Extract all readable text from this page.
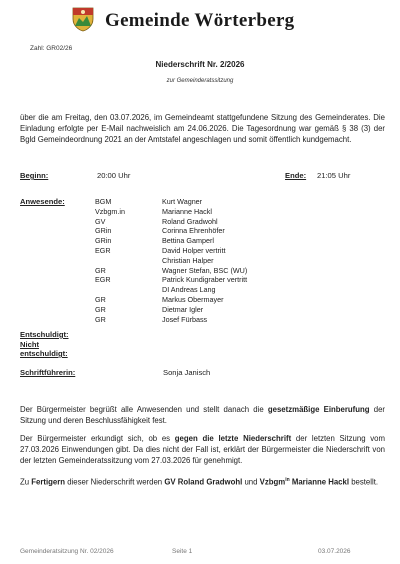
Gemeinde Wörterberg
Zahl: GR02/26
Niederschrift Nr. 2/2026
zur Gemeinderatssitzung
über die am Freitag, den 03.07.2026, im Gemeindeamt stattgefundene Sitzung des Gemeinderates. Die Einladung erfolgte per E-Mail nachweislich am 24.06.2026. Die Tagesordnung war gemäß § 38 (3) der Bgld Gemeindeordnung 2021 an der Amtstafel angeschlagen und somit öffentlich kundgemacht.
Beginn:	20:00 Uhr	Ende: 21:05 Uhr
Anwesende:	BGM	Kurt Wagner
Vzbgm.in	Marianne Hackl
GV	Roland Gradwohl
GRin	Corinna Ehrenhöfer
GRin	Bettina Gamperl
EGR	David Holper vertritt
Christian Halper
GR	Wagner Stefan, BSC (WU)
EGR	Patrick Kundigraber vertritt
DI Andreas Lang
GR	Markus Obermayer
GR	Dietmar Igler
GR	Josef Fürbass
Entschuldigt:
Nicht
entschuldigt:
Schriftführerin:	Sonja Janisch
Der Bürgermeister begrüßt alle Anwesenden und stellt danach die gesetzmäßige Einberufung der Sitzung und deren Beschlussfähigkeit fest.
Der Bürgermeister erkundigt sich, ob es gegen die letzte Niederschrift der letzten Sitzung vom 27.03.2026 Einwendungen gibt. Da dies nicht der Fall ist, erklärt der Bürgermeister die Niederschrift von der letzten Gemeinderatssitzung vom 27.03.2026 für genehmigt.
Zu Fertigern dieser Niederschrift werden GV Roland Gradwohl und Vzbgm$^{in}$ Marianne Hackl bestellt.
Gemeinderatsitzung Nr. 02/2026	Seite 1	03.07.2026
